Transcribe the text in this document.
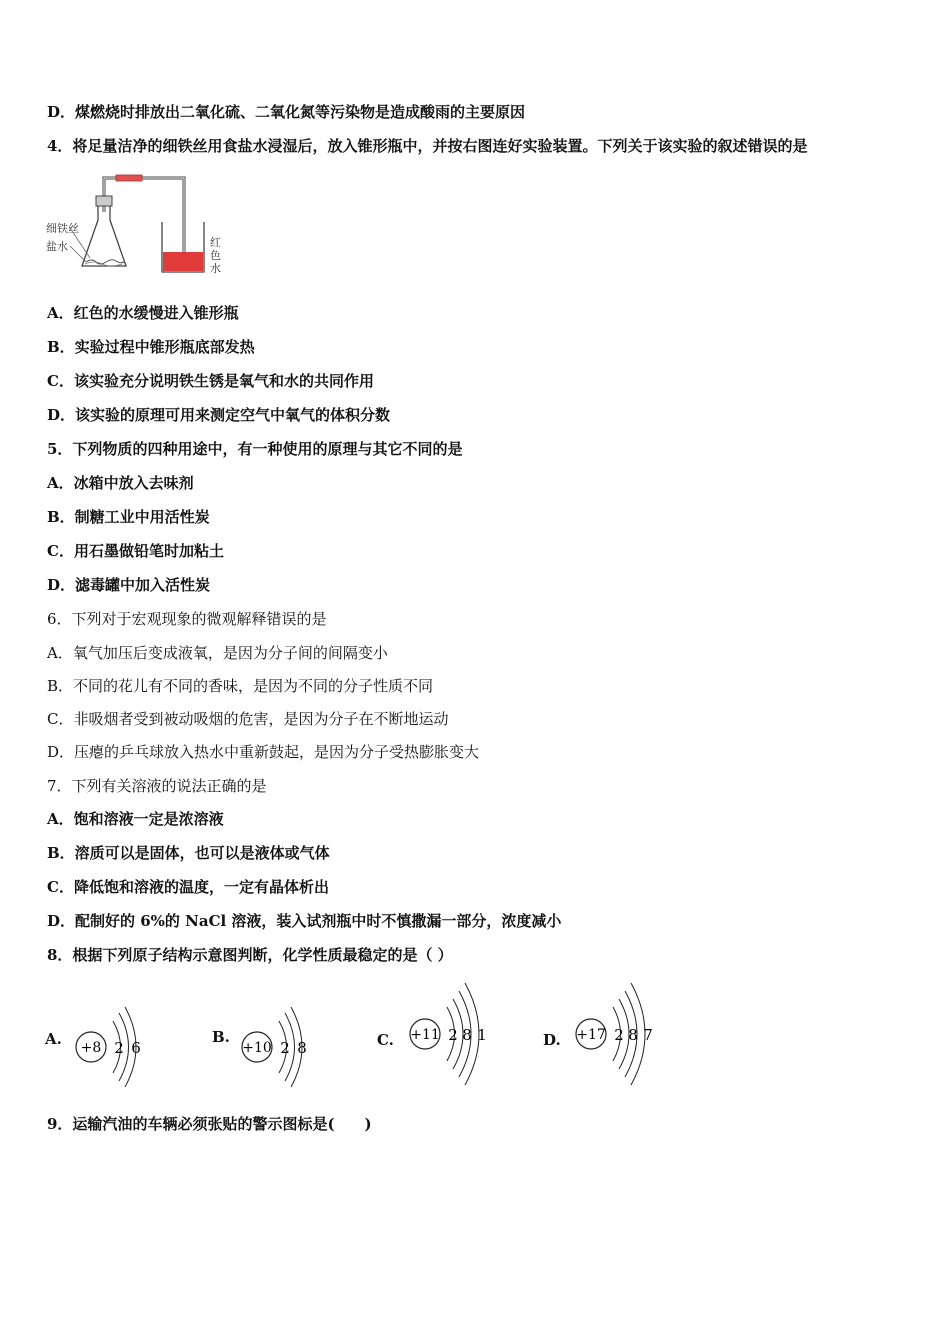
D．煤燃烧时排放出二氧化硫、二氧化氮等污染物是造成酸雨的主要原因
4．将足量洁净的细铁丝用食盐水浸湿后，放入锥形瓶中，并按右图连好实验装置。下列关于该实验的叙述错误的是
细铁丝
盐水	红
色
水
A．红色的水缓慢进入锥形瓶
B．实验过程中锥形瓶底部发热
C．该实验充分说明铁生锈是氧气和水的共同作用
D．该实验的原理可用来测定空气中氧气的体积分数
5．下列物质的四种用途中，有一种使用的原理与其它不同的是
A．冰箱中放入去味剂
B．制糖工业中用活性炭
C．用石墨做铅笔时加粘土
D．滤毒罐中加入活性炭
6．下列对于宏观现象的微观解释错误的是
A．氧气加压后变成液氧，是因为分子间的间隔变小
B．不同的花儿有不同的香味，是因为不同的分子性质不同
C．非吸烟者受到被动吸烟的危害，是因为分子在不断地运动
D．压瘪的乒乓球放入热水中重新鼓起，是因为分子受热膨胀变大
7．下列有关溶液的说法正确的是
A．饱和溶液一定是浓溶液
B．溶质可以是固体，也可以是液体或气体
C．降低饱和溶液的温度，一定有晶体析出
D．配制好的 6%的 NaCl 溶液，装入试剂瓶中时不慎撒漏一部分，浓度减小
8．根据下列原子结构示意图判断，化学性质最稳定的是（ ）
A. +8 2 6
B.
+10 2 8	C. +11 2 8 1	D. +17 2 8 7
9．运输汽油的车辆必须张贴的警示图标是(　　)
